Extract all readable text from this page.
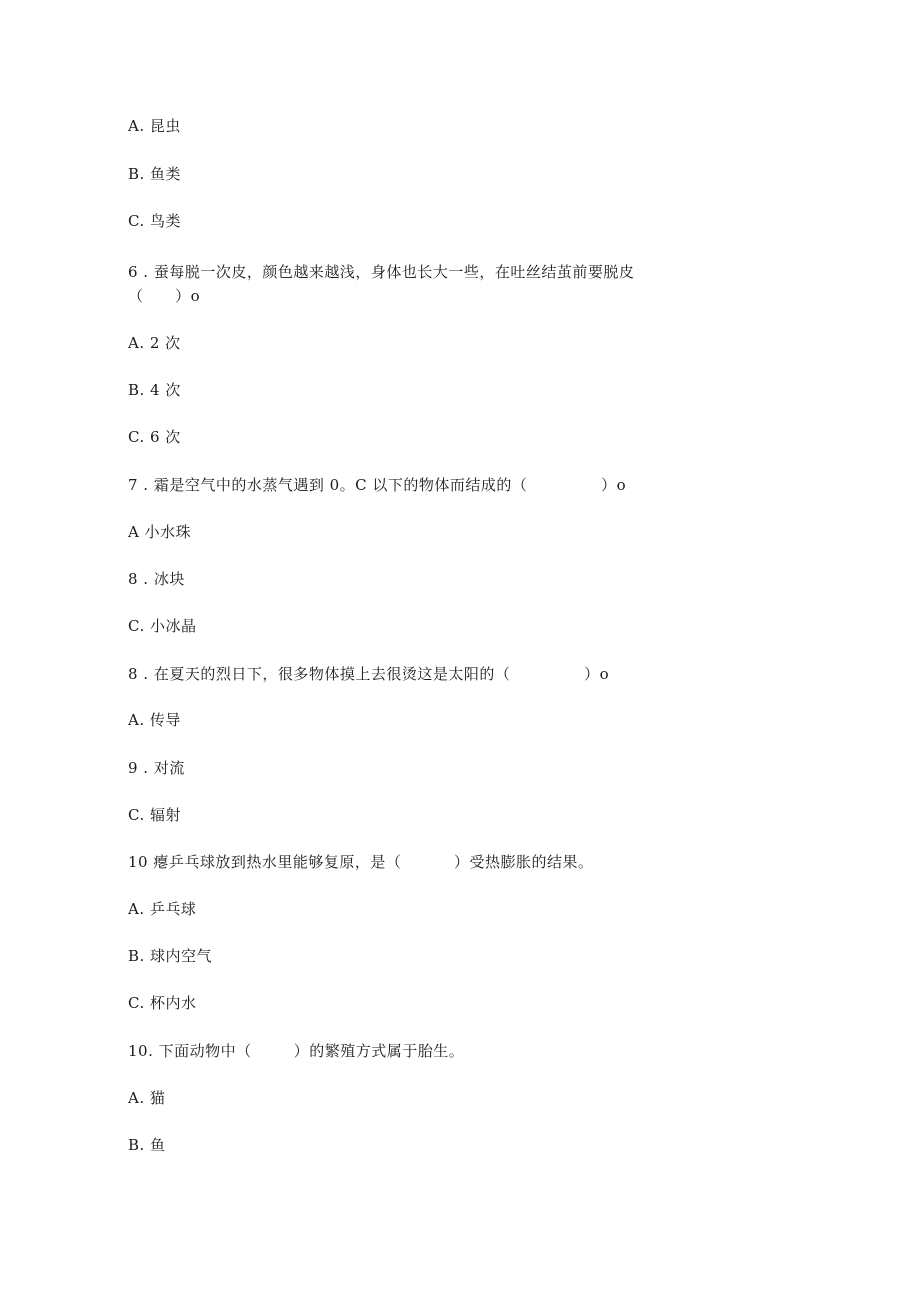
A. 昆虫
B. 鱼类
C. 鸟类
6 . 蚕每脱一次皮，颜色越来越浅，身体也长大一些，在吐丝结茧前要脱皮
（      ）o
A. 2 次
B. 4 次
C. 6 次
7 . 霜是空气中的水蒸气遇到 0。C 以下的物体而结成的（              ）o
A 小水珠
8 . 冰块
C. 小冰晶
8 . 在夏天的烈日下，很多物体摸上去很烫这是太阳的（              ）o
A. 传导
9 . 对流
C. 辐射
10 瘪乒乓球放到热水里能够复原，是（          ）受热膨胀的结果。
A. 乒乓球
B. 球内空气
C. 杯内水
10. 下面动物中（        ）的繁殖方式属于胎生。
A. 猫
B. 鱼
